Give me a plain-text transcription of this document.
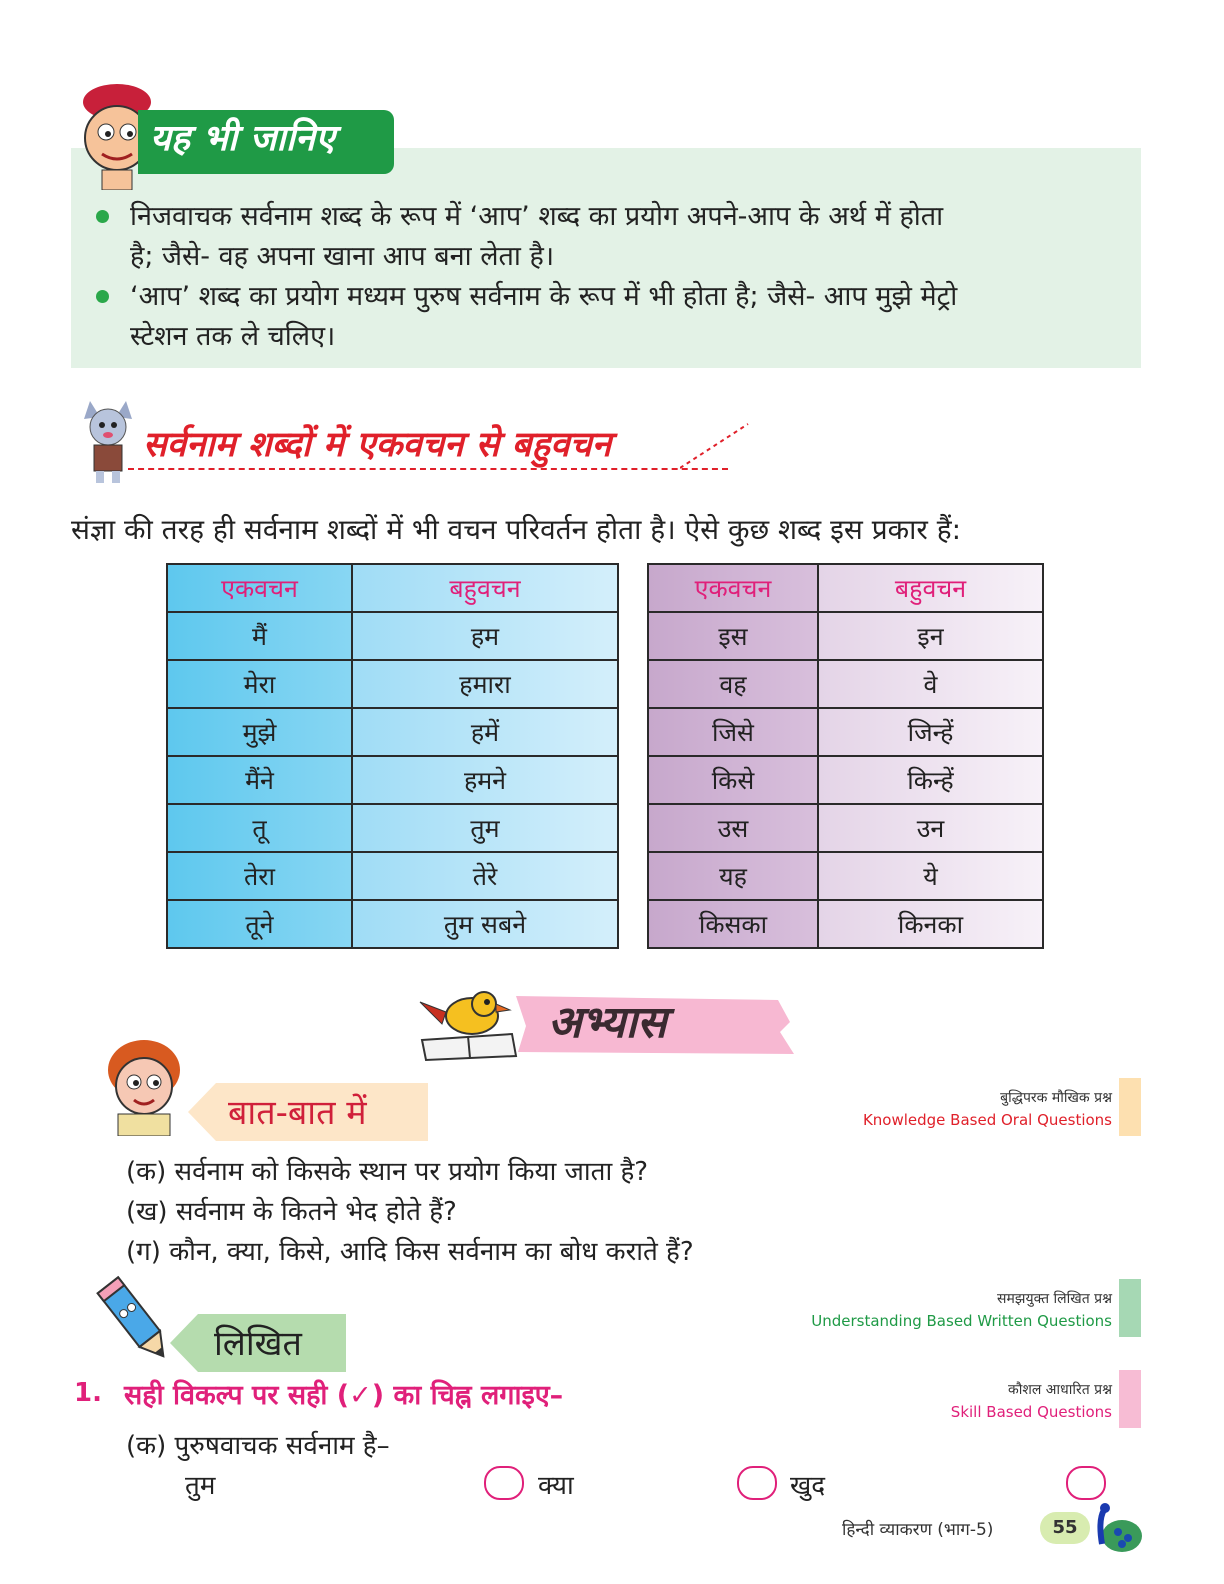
यह भी जानिए
निजवाचक सर्वनाम शब्द के रूप में ‘आप’ शब्द का प्रयोग अपने-आप के अर्थ में होता
है; जैसे- वह अपना खाना आप बना लेता है।
‘आप’ शब्द का प्रयोग मध्यम पुरुष सर्वनाम के रूप में भी होता है; जैसे- आप मुझे मेट्रो
स्टेशन तक ले चलिए।
सर्वनाम शब्दों में एकवचन से बहुवचन
संज्ञा की तरह ही सर्वनाम शब्दों में भी वचन परिवर्तन होता है। ऐसे कुछ शब्द इस प्रकार हैं:
एकवचन	बहुवचन
मैं	हम
मेरा	हमारा
मुझे	हमें
मैंने	हमने
तू	तुम
तेरा	तेरे
तूने	तुम सबने
एकवचन	बहुवचन
इस	इन
वह	वे
जिसे	जिन्हें
किसे	किन्हें
उस	उन
यह	ये
किसका	किनका
अभ्यास
बात-बात में	बुद्धिपरक मौखिक प्रश्न
Knowledge Based Oral Questions
(क) सर्वनाम को किसके स्थान पर प्रयोग किया जाता है?
(ख) सर्वनाम के कितने भेद होते हैं?
(ग) कौन, क्या, किसे, आदि किस सर्वनाम का बोध कराते हैं?
लिखित
समझयुक्त लिखित प्रश्न
Understanding Based Written Questions
कौशल आधारित प्रश्न
Skill Based Questions
1. सही विकल्प पर सही (✓) का चिह्न लगाइए–
(क) पुरुषवाचक सर्वनाम है–
तुम	क्या	खुद
हिन्दी व्याकरण (भाग-5)	55
